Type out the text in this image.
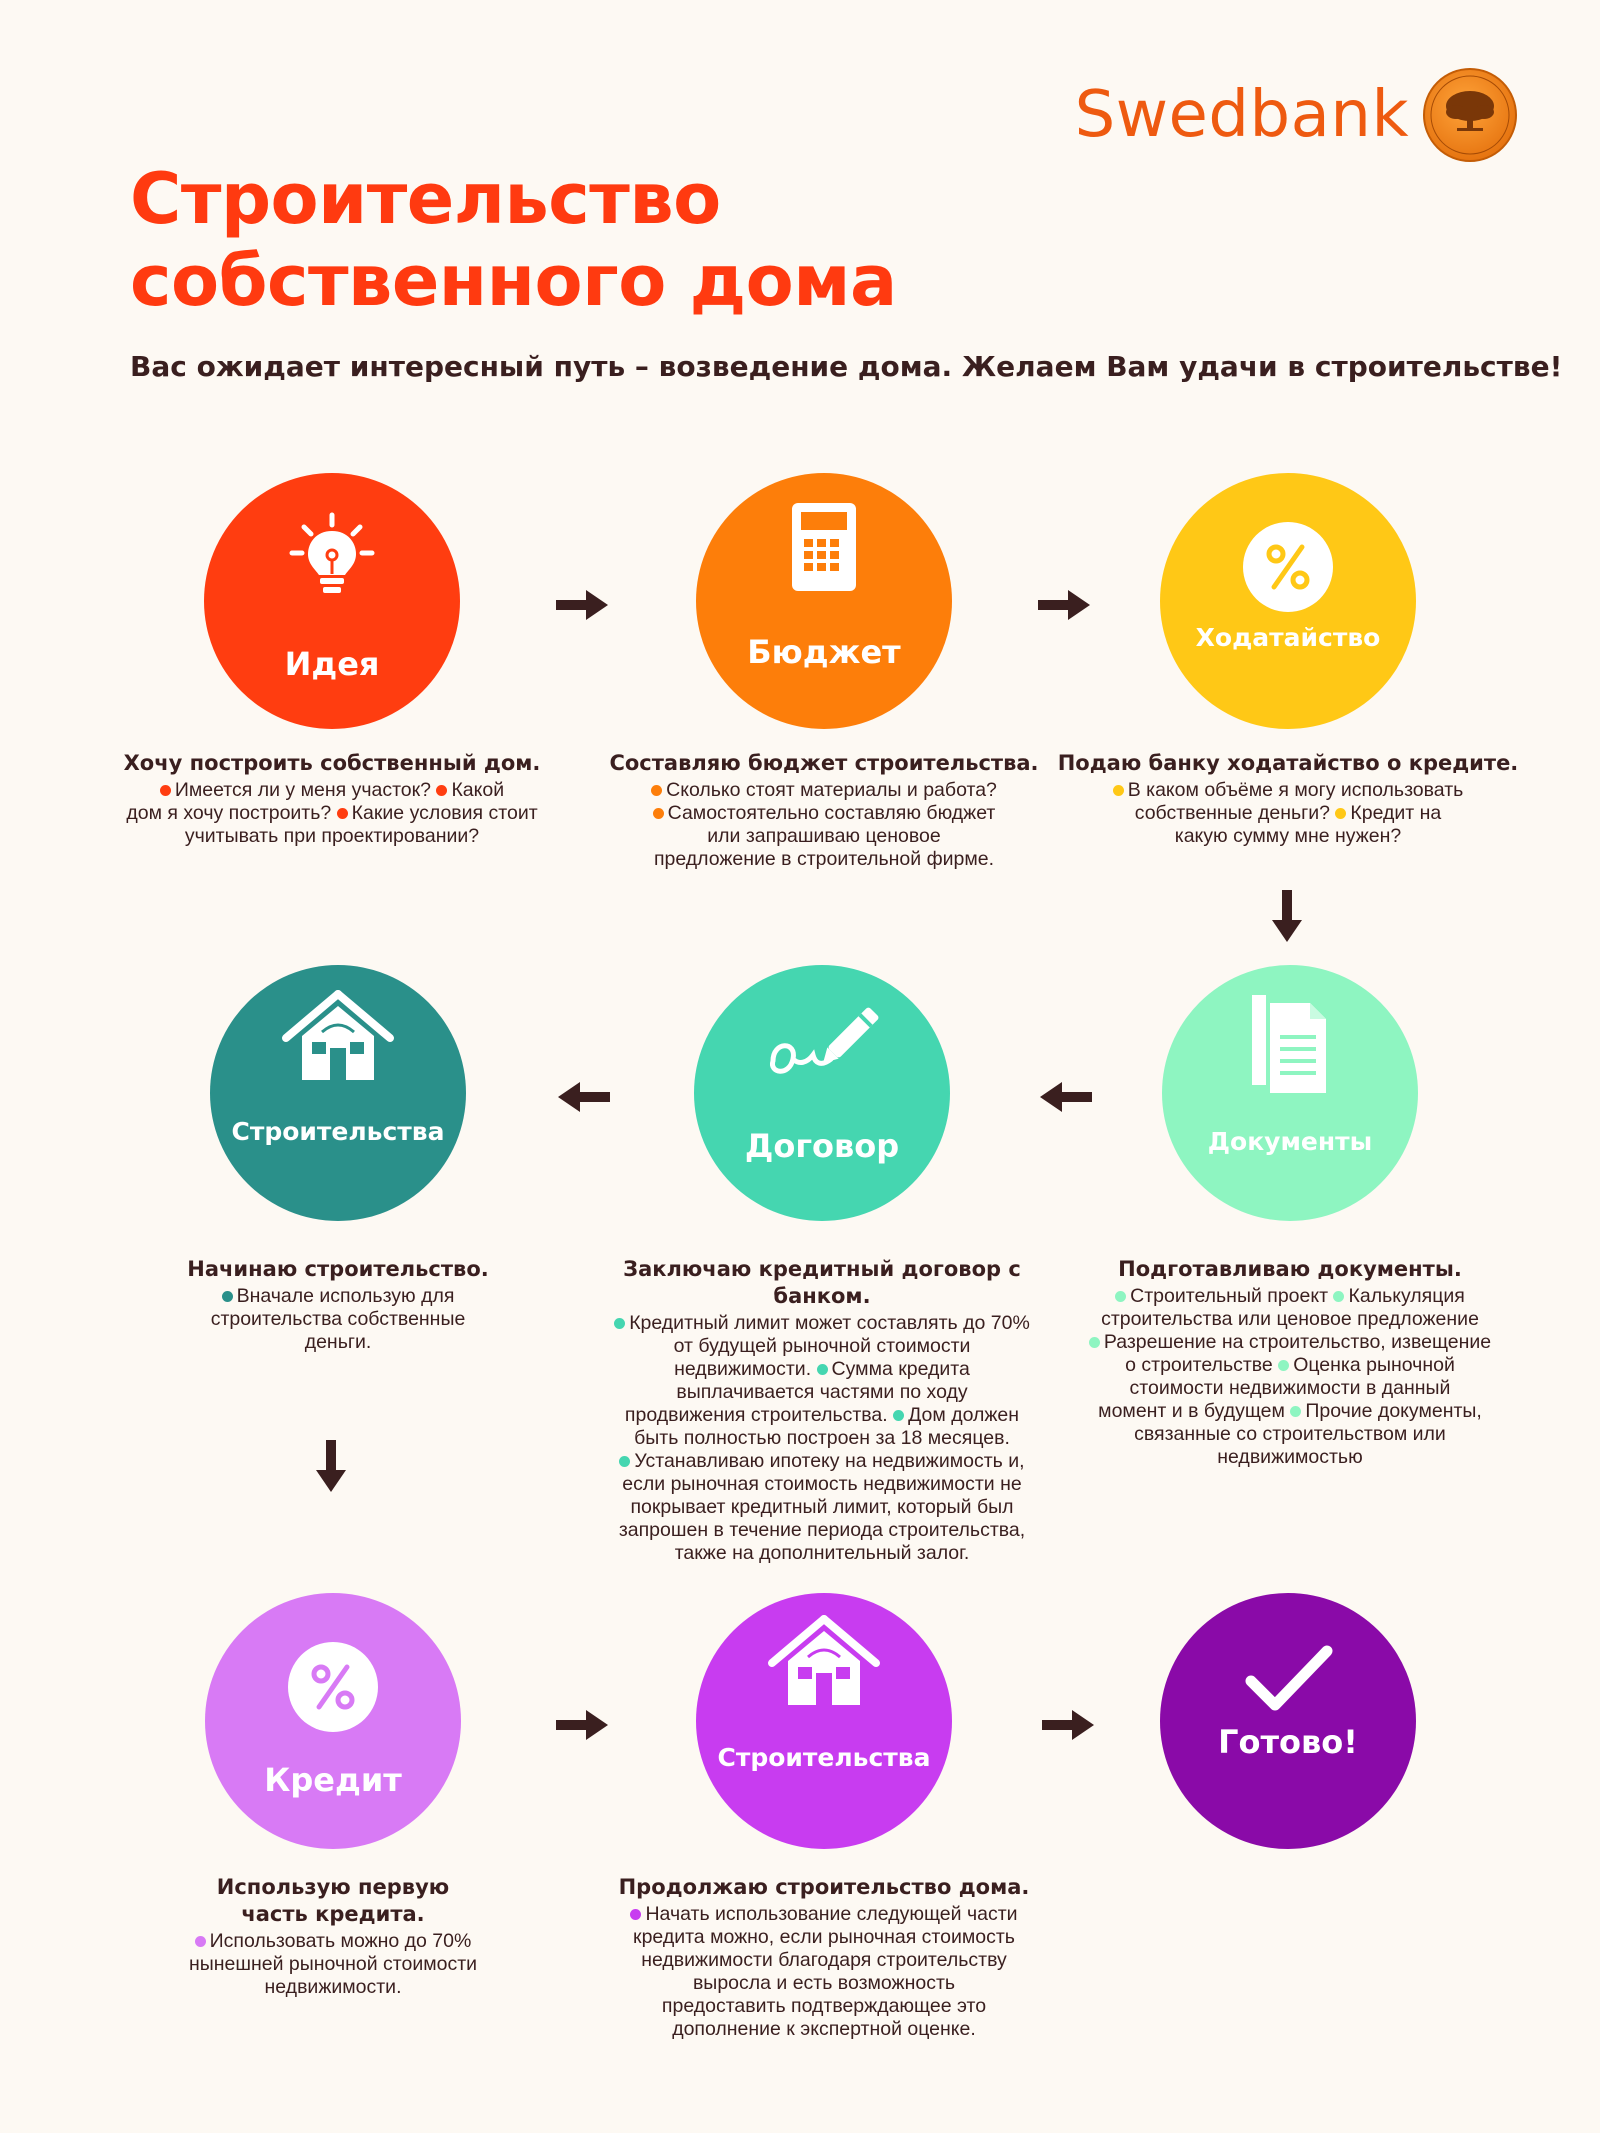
Swedbank
Строительство
собственного дома
Вас ожидает интересный путь – возведение дома. Желаем Вам удачи в строительстве!
Идея
Хочу построить собственный дом.
Имеется ли у меня участок? Какой
дом я хочу построить? Какие условия стоит
учитывать при проектировании?
Бюджет
Составляю бюджет строительства.
Сколько стоят материалы и работа?
Самостоятельно составляю бюджет
или запрашиваю ценовое
предложение в строительной фирме.
Ходатайство
Подаю банку ходатайство о кредите.
В каком объёме я могу использовать
собственные деньги? Кредит на
какую сумму мне нужен?
Документы
Подготавливаю документы.
Строительный проект Калькуляция
строительства или ценовое предложение
Разрешение на строительство, извещение
о строительстве Оценка рыночной
стоимости недвижимости в данный
момент и в будущем Прочие документы,
связанные со строительством или
недвижимостью
Договор
Заключаю кредитный договор с банком.
Кредитный лимит может составлять до 70%
от будущей рыночной стоимости
недвижимости. Сумма кредита
выплачивается частями по ходу
продвижения строительства. Дом должен
быть полностью построен за 18 месяцев.
Устанавливаю ипотеку на недвижимость и,
если рыночная стоимость недвижимости не
покрывает кредитный лимит, который был
запрошен в течение периода строительства,
также на дополнительный залог.
Строительства
Начинаю строительство.
Вначале использую для
строительства собственные
деньги.
Кредит
Использую первую
часть кредита.
Использовать можно до 70%
нынешней рыночной стоимости
недвижимости.
Строительства
Продолжаю строительство дома.
Начать использование следующей части
кредита можно, если рыночная стоимость
недвижимости благодаря строительству
выросла и есть возможность
предоставить подтверждающее это
дополнение к экспертной оценке.
Готово!
